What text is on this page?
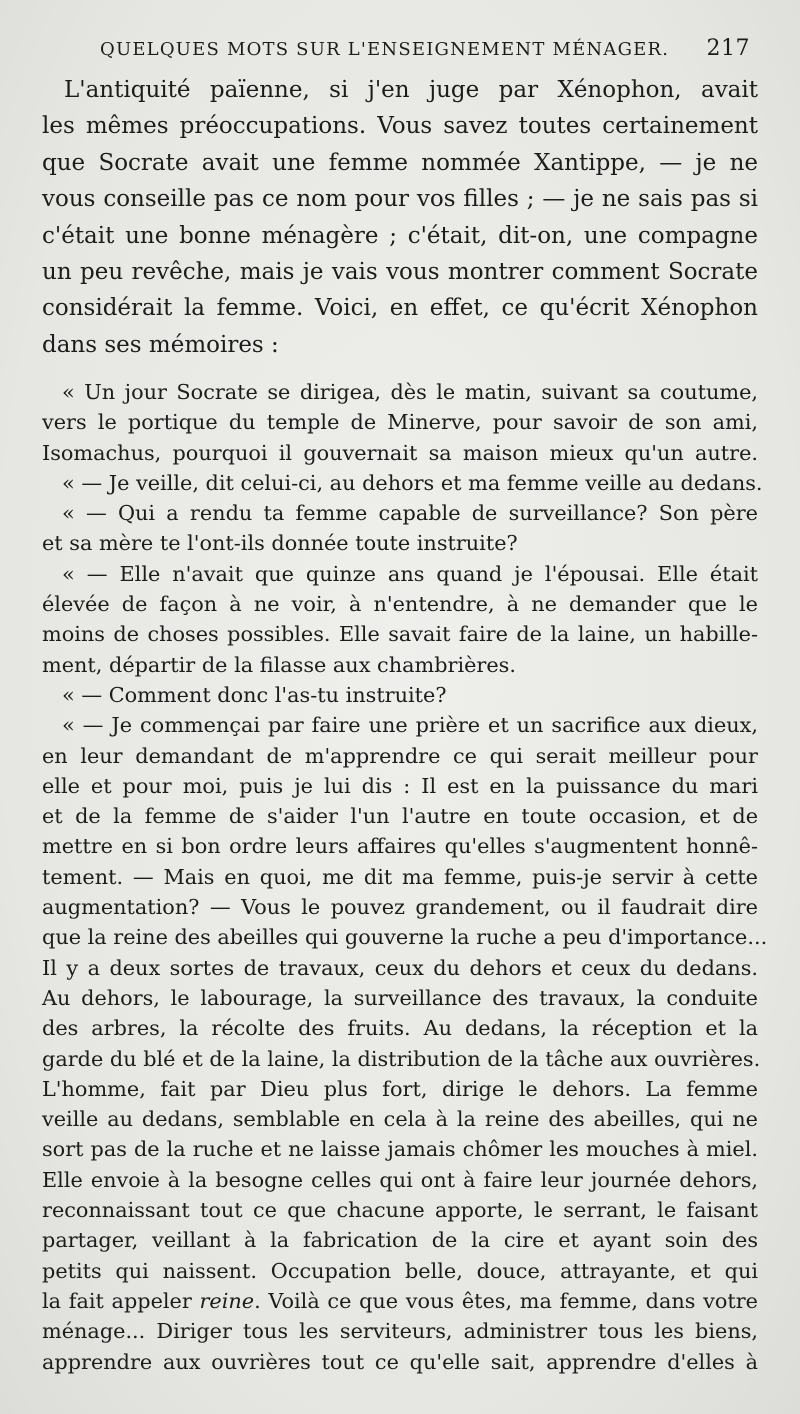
QUELQUES MOTS SUR L'ENSEIGNEMENT MÉNAGER. 217
L'antiquité païenne, si j'en juge par Xénophon, avait
les mêmes préoccupations. Vous savez toutes certainement
que Socrate avait une femme nommée Xantippe, — je ne
vous conseille pas ce nom pour vos filles ; — je ne sais pas si
c'était une bonne ménagère ; c'était, dit-on, une compagne
un peu revêche, mais je vais vous montrer comment Socrate
considérait la femme. Voici, en effet, ce qu'écrit Xénophon
dans ses mémoires :
« Un jour Socrate se dirigea, dès le matin, suivant sa coutume,
vers le portique du temple de Minerve, pour savoir de son ami,
Isomachus, pourquoi il gouvernait sa maison mieux qu'un autre.
« — Je veille, dit celui-ci, au dehors et ma femme veille au dedans.
« — Qui a rendu ta femme capable de surveillance? Son père
et sa mère te l'ont-ils donnée toute instruite?
« — Elle n'avait que quinze ans quand je l'épousai. Elle était
élevée de façon à ne voir, à n'entendre, à ne demander que le
moins de choses possibles. Elle savait faire de la laine, un habille-
ment, départir de la filasse aux chambrières.
« — Comment donc l'as-tu instruite?
« — Je commençai par faire une prière et un sacrifice aux dieux,
en leur demandant de m'apprendre ce qui serait meilleur pour
elle et pour moi, puis je lui dis : Il est en la puissance du mari
et de la femme de s'aider l'un l'autre en toute occasion, et de
mettre en si bon ordre leurs affaires qu'elles s'augmentent honnê-
tement. — Mais en quoi, me dit ma femme, puis-je servir à cette
augmentation? — Vous le pouvez grandement, ou il faudrait dire
que la reine des abeilles qui gouverne la ruche a peu d'importance...
Il y a deux sortes de travaux, ceux du dehors et ceux du dedans.
Au dehors, le labourage, la surveillance des travaux, la conduite
des arbres, la récolte des fruits. Au dedans, la réception et la
garde du blé et de la laine, la distribution de la tâche aux ouvrières.
L'homme, fait par Dieu plus fort, dirige le dehors. La femme
veille au dedans, semblable en cela à la reine des abeilles, qui ne
sort pas de la ruche et ne laisse jamais chômer les mouches à miel.
Elle envoie à la besogne celles qui ont à faire leur journée dehors,
reconnaissant tout ce que chacune apporte, le serrant, le faisant
partager, veillant à la fabrication de la cire et ayant soin des
petits qui naissent. Occupation belle, douce, attrayante, et qui
la fait appeler reine. Voilà ce que vous êtes, ma femme, dans votre
ménage... Diriger tous les serviteurs, administrer tous les biens,
apprendre aux ouvrières tout ce qu'elle sait, apprendre d'elles à
